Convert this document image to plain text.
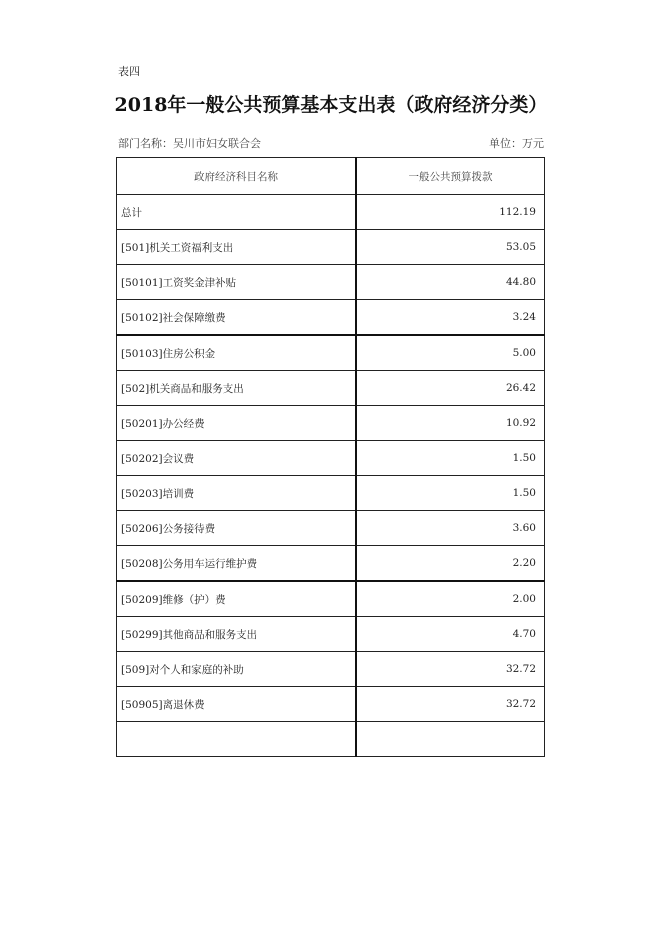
表四
2018年一般公共预算基本支出表（政府经济分类）
部门名称：吴川市妇女联合会	单位：万元
政府经济科目名称	一般公共预算拨款
总计	112.19
[501]机关工资福利支出	53.05
[50101]工资奖金津补贴	44.80
[50102]社会保障缴费	3.24
[50103]住房公积金	5.00
[502]机关商品和服务支出	26.42
[50201]办公经费	10.92
[50202]会议费	1.50
[50203]培训费	1.50
[50206]公务接待费	3.60
[50208]公务用车运行维护费	2.20
[50209]维修（护）费	2.00
[50299]其他商品和服务支出	4.70
[509]对个人和家庭的补助	32.72
[50905]离退休费	32.72
